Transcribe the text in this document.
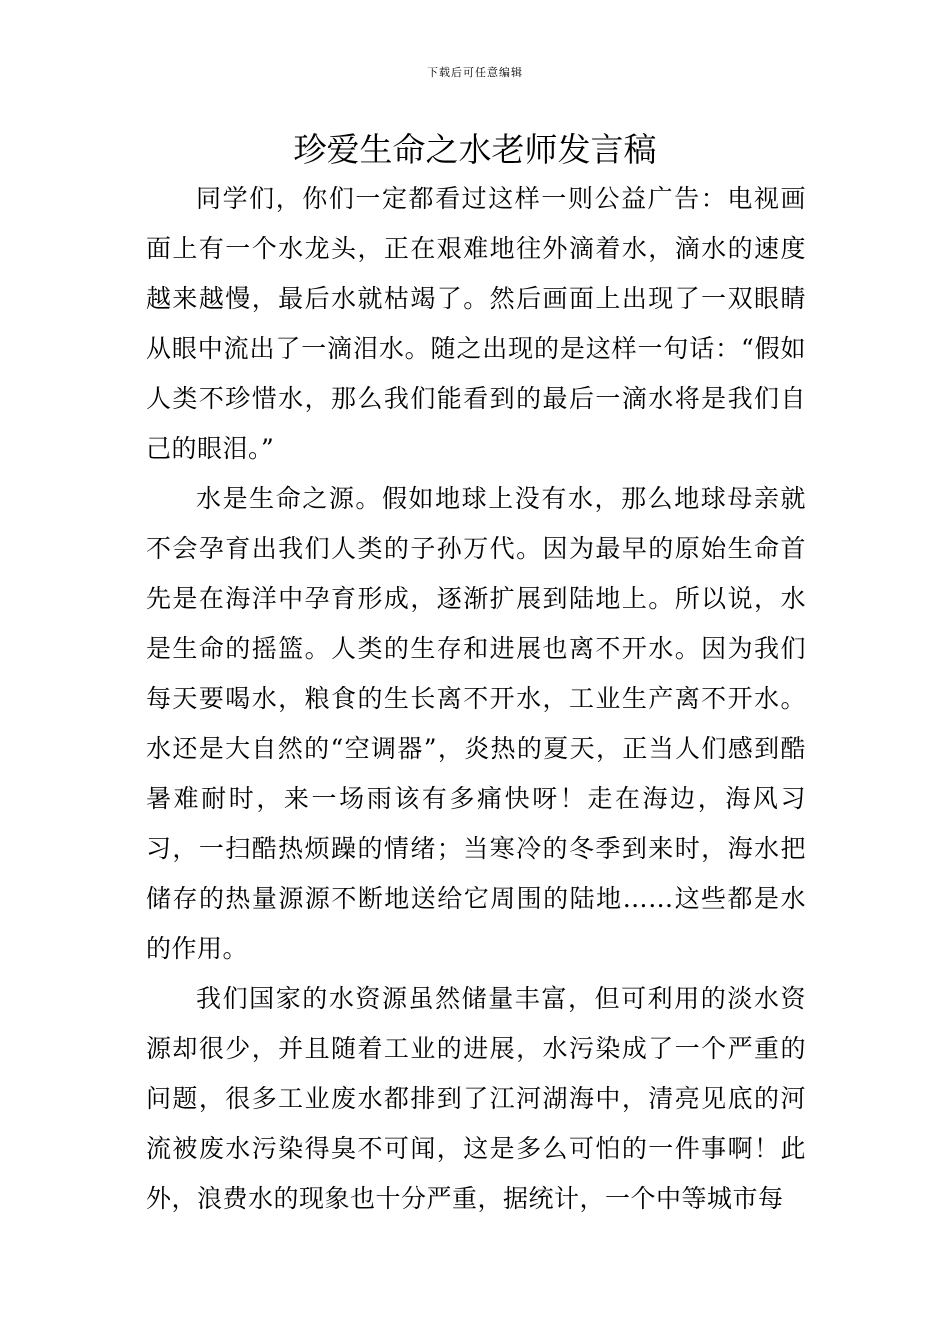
下载后可任意编辑
珍爱生命之水老师发言稿

同学们，你们一定都看过这样一则公益广告：电视画面上有一个水龙头，正在艰难地往外滴着水，滴水的速度越来越慢，最后水就枯竭了。然后画面上出现了一双眼睛从眼中流出了一滴泪水。随之出现的是这样一句话：“假如人类不珍惜水，那么我们能看到的最后一滴水将是我们自己的眼泪。”

水是生命之源。假如地球上没有水，那么地球母亲就不会孕育出我们人类的子孙万代。因为最早的原始生命首先是在海洋中孕育形成，逐渐扩展到陆地上。所以说，水是生命的摇篮。人类的生存和进展也离不开水。因为我们每天要喝水，粮食的生长离不开水，工业生产离不开水。水还是大自然的“空调器”，炎热的夏天，正当人们感到酷暑难耐时，来一场雨该有多痛快呀！走在海边，海风习习，一扫酷热烦躁的情绪；当寒冷的冬季到来时，海水把储存的热量源源不断地送给它周围的陆地……这些都是水的作用。

我们国家的水资源虽然储量丰富，但可利用的淡水资源却很少，并且随着工业的进展，水污染成了一个严重的问题，很多工业废水都排到了江河湖海中，清亮见底的河流被废水污染得臭不可闻，这是多么可怕的一件事啊！此外，浪费水的现象也十分严重，据统计，一个中等城市每
